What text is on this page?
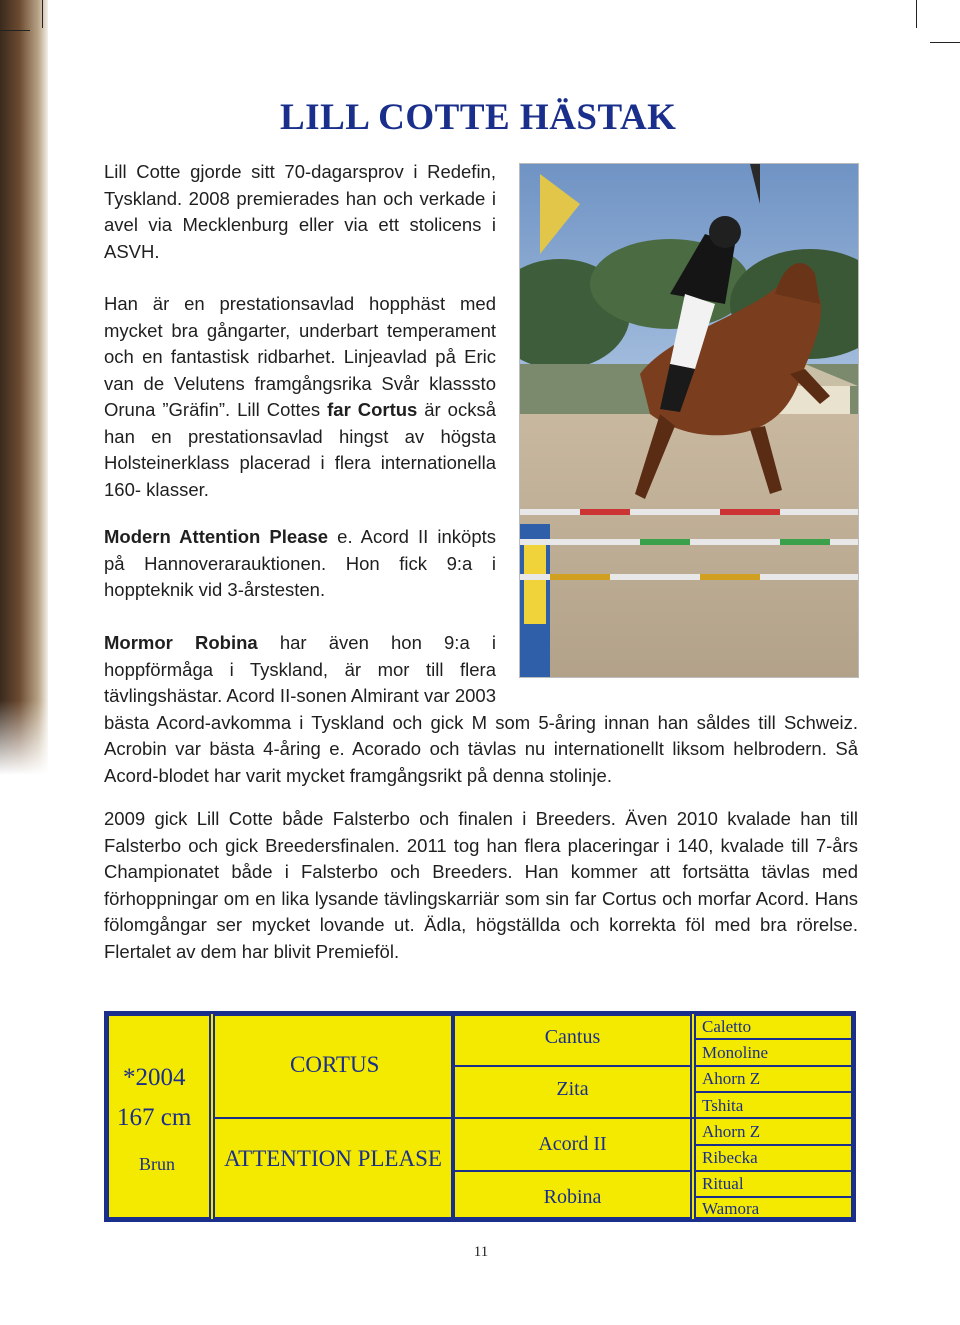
LILL COTTE HÄSTAK

Lill Cotte gjorde sitt 70-dagarsprov i Redefin, Tyskland. 2008 premierades han och verkade i avel via Mecklenburg eller via ett stolicens i ASVH.

Han är en prestationsavlad hopphäst med mycket bra gångarter, underbart temperament och en fantastisk ridbarhet. Linjeavlad på Eric van de Velutens framgångsrika Svår klasssto Oruna ”Gräfin”. Lill Cottes far Cortus är också han en prestationsavlad hingst av högsta Holsteinerklass placerad i flera internationella 160- klasser.

Modern Attention Please e. Acord II inköpts på Hannoverarauktionen. Hon fick 9:a i hoppteknik vid 3-årstesten.

Mormor Robina har även hon 9:a i hoppförmåga i Tyskland, är mor till flera tävlingshästar. Acord II-sonen Almirant var 2003 bästa Acord-avkomma i Tyskland och gick M som 5-åring innan han såldes till Schweiz. Acrobin var bästa 4-åring e. Acorado och tävlas nu internationellt liksom helbrodern. Så Acord-blodet har varit mycket framgångsrikt på denna stolinje.

2009 gick Lill Cotte både Falsterbo och finalen i Breeders. Även 2010 kvalade han till Falsterbo och gick Breedersfinalen. 2011 tog han flera placeringar i 140, kvalade till 7-års Championatet både i Falsterbo och Breeders. Han kommer att fortsätta tävlas med förhoppningar om en lika lysande tävlingskarriär som sin far Cortus och morfar Acord. Hans fölomgångar ser mycket lovande ut. Ädla, högställda och korrekta föl med bra rörelse. Flertalet av dem har blivit Premieföl.

*2004
167 cm
Brun
CORTUS
ATTENTION PLEASE
Cantus
Zita
Acord II
Robina
Caletto
Monoline
Ahorn Z
Tshita
Ahorn Z
Ribecka
Ritual
Wamora
11
